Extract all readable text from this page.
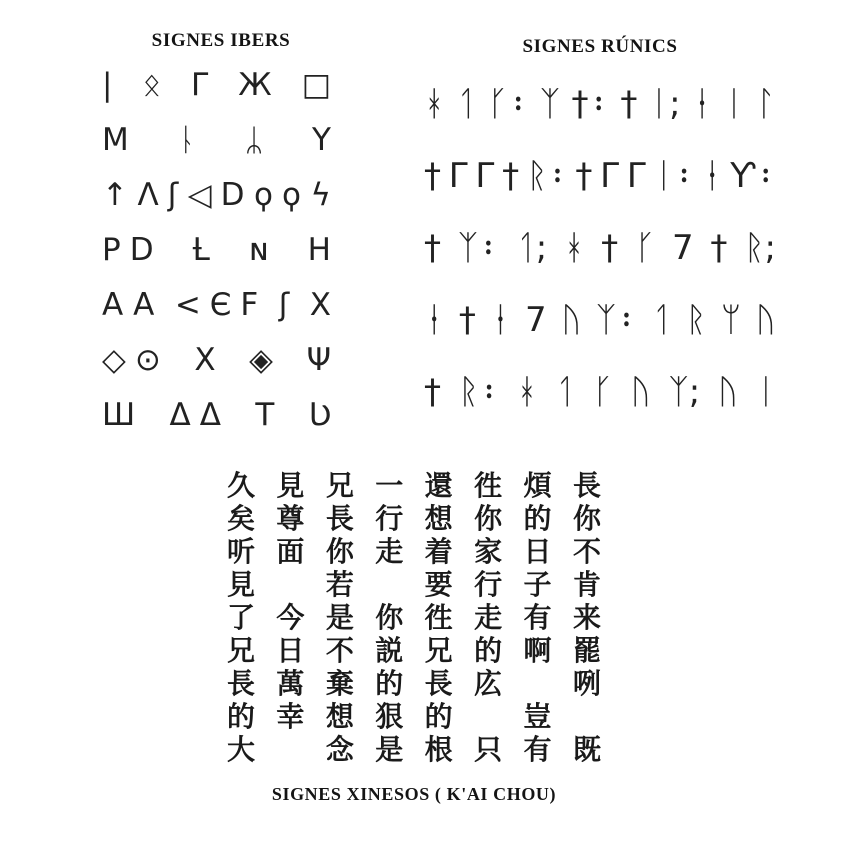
SIGNES IBERS
| ᛟ Γ Ж □
M ᚿ ᛦ Y
↑ Λʃ ◁D ϙϙ ϟ
PD Ƚ ɴ H
AA <ЄϜ ʃ X
◇⊙ X ◈ Ψ
Ш ΔΔ T Ʋ
SIGNES RÚNICS
ᚼ ᛐ ᚴ᛬ ᛉ †᛬ † ᛁ; ᚽ ᛁ ᛚ
† Γ Γ † ᚱ᛬ † Γ Γ ᛁ᛬ ᚽ Ƴ᛬
† ᛉ᛬ ᛐ; ᚼ † ᚴ 7 † ᚱ;
ᚽ † ᚽ 7 ᚢ ᛉ᛬ ᛐ ᚱ ᛘ ᚢ
† ᚱ᛬ ᚼ ᛐ ᚴ ᚢ ᛉ; ᚢ ᛁ
長
你
不
肯
来
罷
咧
既
煩
的
日
子
有
啊
豈
有
徃
你
家
行
走
的
庅
只
還
想
着
要
徃
兄
長
的
根
一
行
走
你
説
的
狠
是
兄
長
你
若
是
不
棄
想
念
見
尊
面
今
日
萬
幸
久
矣
听
見
了
兄
長
的
大
SIGNES XINESOS ( K'AI CHOU)
